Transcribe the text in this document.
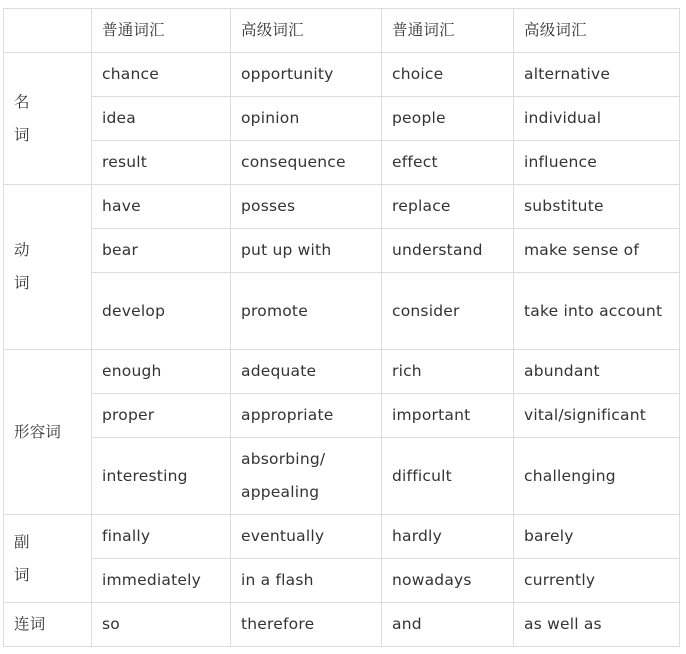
	普通词汇	高级词汇	普通词汇	高级词汇

名
词	chance	opportunity	choice	alternative
	idea	opinion	people	individual
	result	consequence	effect	influence

动
词	have	posses	replace	substitute
	bear	put up with	understand	make sense of
	develop	promote	consider	take into account

形容词	enough	adequate	rich	abundant
	proper	appropriate	important	vital/significant
	interesting	absorbing/ appealing	difficult	challenging

副
词	finally	eventually	hardly	barely
	immediately	in a flash	nowadays	currently

连词	so	therefore	and	as well as
